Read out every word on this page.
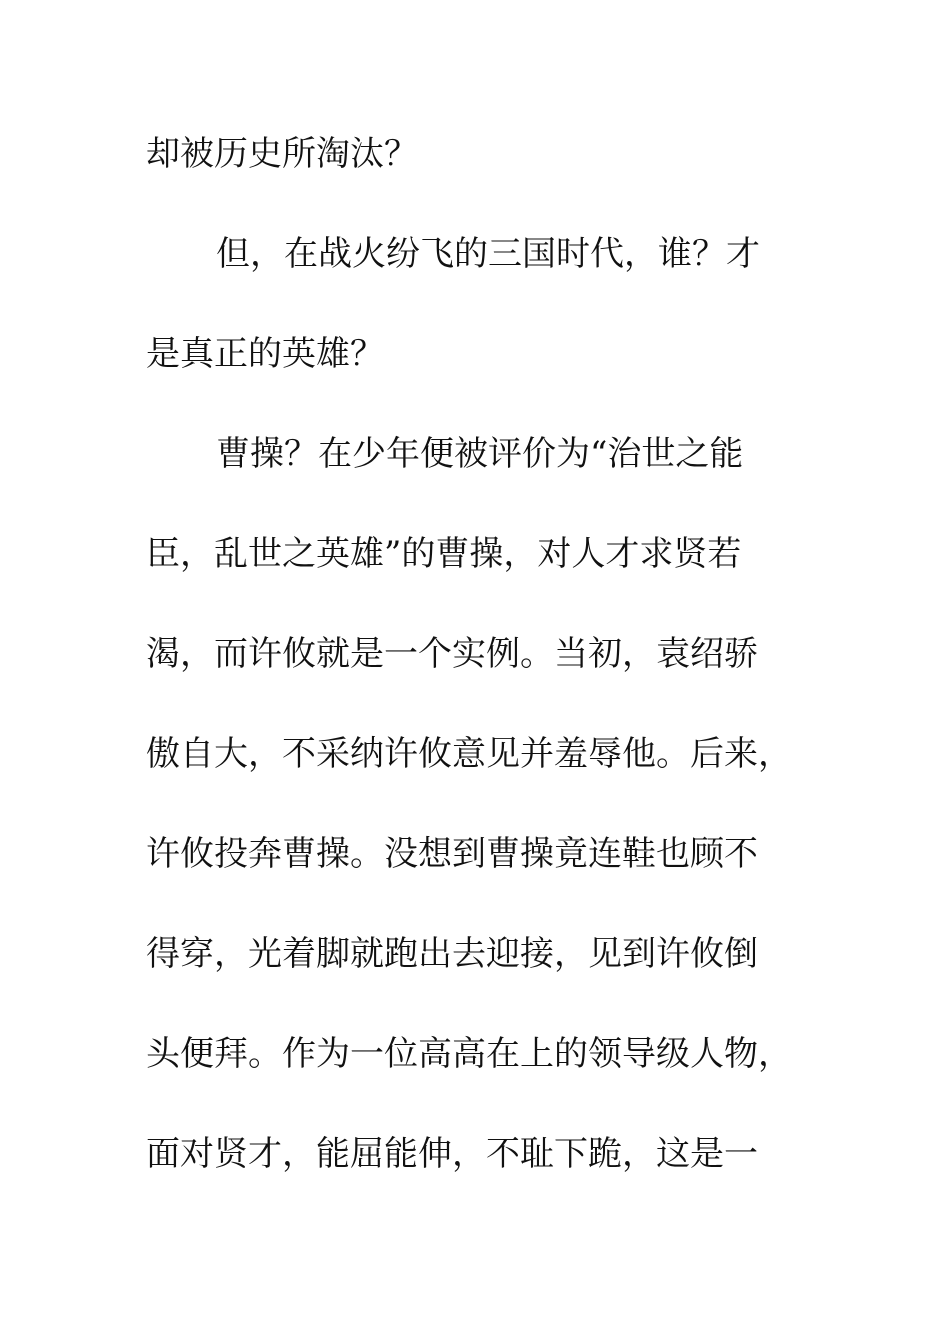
却被历史所淘汰？
但，在战火纷飞的三国时代，谁？才
是真正的英雄？
曹操？在少年便被评价为“治世之能
臣，乱世之英雄”的曹操，对人才求贤若
渴，而许攸就是一个实例。当初，袁绍骄
傲自大，不采纳许攸意见并羞辱他。后来，
许攸投奔曹操。没想到曹操竟连鞋也顾不
得穿，光着脚就跑出去迎接，见到许攸倒
头便拜。作为一位高高在上的领导级人物，
面对贤才，能屈能伸，不耻下跪，这是一
